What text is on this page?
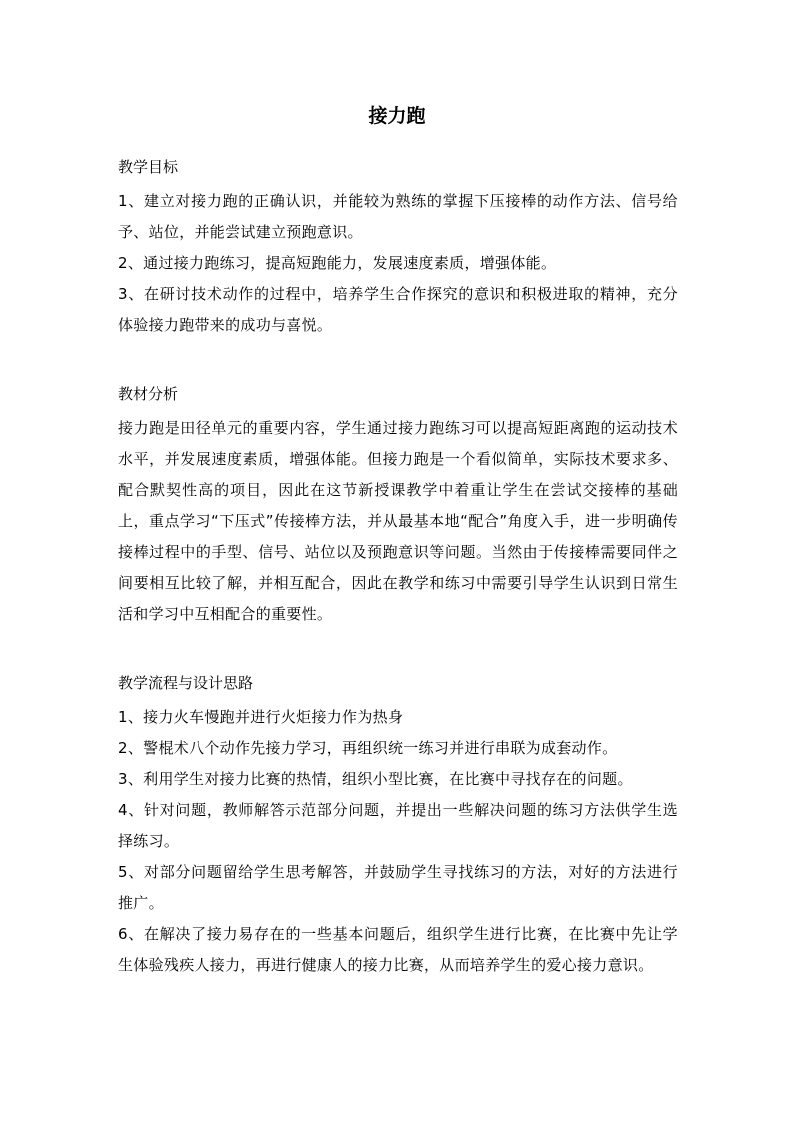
接力跑

教学目标

1、建立对接力跑的正确认识，并能较为熟练的掌握下压接棒的动作方法、信号给予、站位，并能尝试建立预跑意识。

2、通过接力跑练习，提高短跑能力，发展速度素质，增强体能。

3、在研讨技术动作的过程中，培养学生合作探究的意识和积极进取的精神，充分体验接力跑带来的成功与喜悦。

教材分析

接力跑是田径单元的重要内容，学生通过接力跑练习可以提高短距离跑的运动技术水平，并发展速度素质，增强体能。但接力跑是一个看似简单，实际技术要求多、配合默契性高的项目，因此在这节新授课教学中着重让学生在尝试交接棒的基础上，重点学习“下压式”传接棒方法，并从最基本地“配合”角度入手，进一步明确传接棒过程中的手型、信号、站位以及预跑意识等问题。当然由于传接棒需要同伴之间要相互比较了解，并相互配合，因此在教学和练习中需要引导学生认识到日常生活和学习中互相配合的重要性。

教学流程与设计思路

1、接力火车慢跑并进行火炬接力作为热身

2、警棍术八个动作先接力学习，再组织统一练习并进行串联为成套动作。

3、利用学生对接力比赛的热情，组织小型比赛，在比赛中寻找存在的问题。

4、针对问题，教师解答示范部分问题，并提出一些解决问题的练习方法供学生选择练习。

5、对部分问题留给学生思考解答，并鼓励学生寻找练习的方法，对好的方法进行推广。

6、在解决了接力易存在的一些基本问题后，组织学生进行比赛，在比赛中先让学生体验残疾人接力，再进行健康人的接力比赛，从而培养学生的爱心接力意识。
